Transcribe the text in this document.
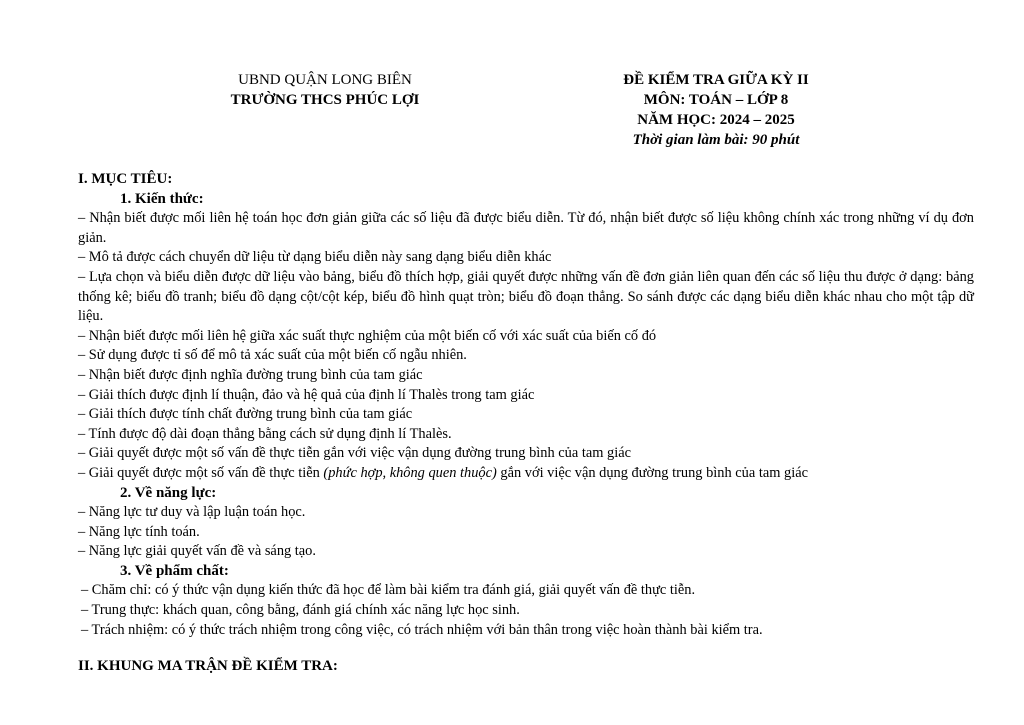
UBND QUẬN LONG BIÊN
TRƯỜNG THCS PHÚC LỢI
ĐỀ KIỂM TRA GIỮA KỲ II
MÔN: TOÁN – LỚP 8
NĂM HỌC: 2024 – 2025
Thời gian làm bài: 90 phút
I. MỤC TIÊU:
1. Kiến thức:
– Nhận biết được mối liên hệ toán học đơn giản giữa các số liệu đã được biểu diễn. Từ đó, nhận biết được số liệu không chính xác trong những ví dụ đơn giản.
– Mô tả được cách chuyển dữ liệu từ dạng biểu diễn này sang dạng biểu diễn khác
– Lựa chọn và biểu diễn được dữ liệu vào bảng, biểu đồ thích hợp, giải quyết được những vấn đề đơn giản liên quan đến các số liệu thu được ở dạng: bảng thống kê; biểu đồ tranh; biểu đồ dạng cột/cột kép, biểu đồ hình quạt tròn; biểu đồ đoạn thẳng. So sánh được các dạng biểu diễn khác nhau cho một tập dữ liệu.
– Nhận biết được mối liên hệ giữa xác suất thực nghiệm của một biến cố với xác suất của biến cố đó
– Sử dụng được tỉ số để mô tả xác suất của một biến cố ngẫu nhiên.
– Nhận biết được định nghĩa đường trung bình của tam giác
– Giải thích được định lí thuận, đảo và hệ quả của định lí Thalès trong tam giác
– Giải thích được tính chất đường trung bình của tam giác
– Tính được độ dài đoạn thẳng bằng cách sử dụng định lí Thalès.
– Giải quyết được một số vấn đề thực tiễn gắn với việc vận dụng đường trung bình của tam giác
– Giải quyết được một số vấn đề thực tiễn (phức hợp, không quen thuộc) gắn với việc vận dụng đường trung bình của tam giác
2. Về năng lực:
– Năng lực tư duy và lập luận toán học.
– Năng lực tính toán.
– Năng lực giải quyết vấn đề và sáng tạo.
3. Về phẩm chất:
– Chăm chỉ: có ý thức vận dụng kiến thức đã học để làm bài kiểm tra đánh giá, giải quyết vấn đề thực tiễn.
– Trung thực: khách quan, công bằng, đánh giá chính xác năng lực học sinh.
– Trách nhiệm: có ý thức trách nhiệm trong công việc, có trách nhiệm với bản thân trong việc hoàn thành bài kiểm tra.
II. KHUNG MA TRẬN ĐỀ KIỂM TRA:
